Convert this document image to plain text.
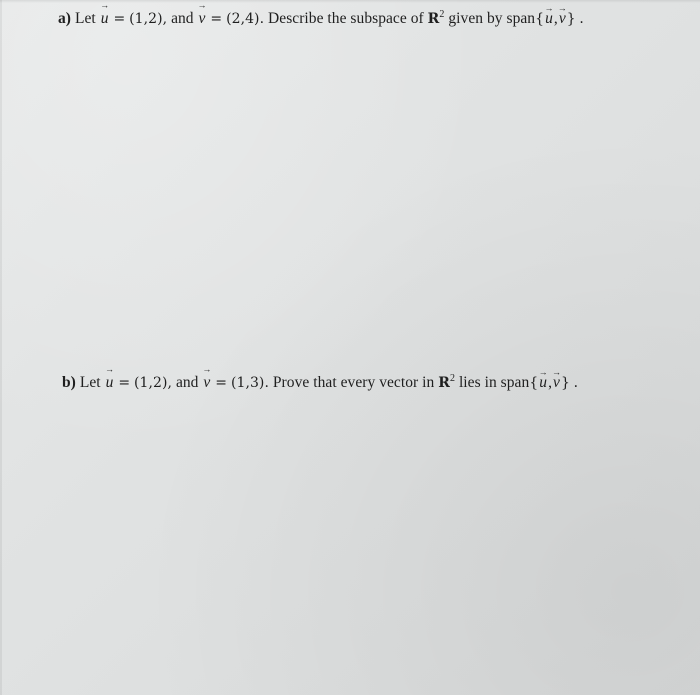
a) Let → u = (1,2), and → v = (2,4). Describe the subspace of $R^2$ given by span{→ u,→ v} .
b) Let → u = (1,2), and → v = (1,3). Prove that every vector in $R^2$ lies in span{→ u,→ v} .
